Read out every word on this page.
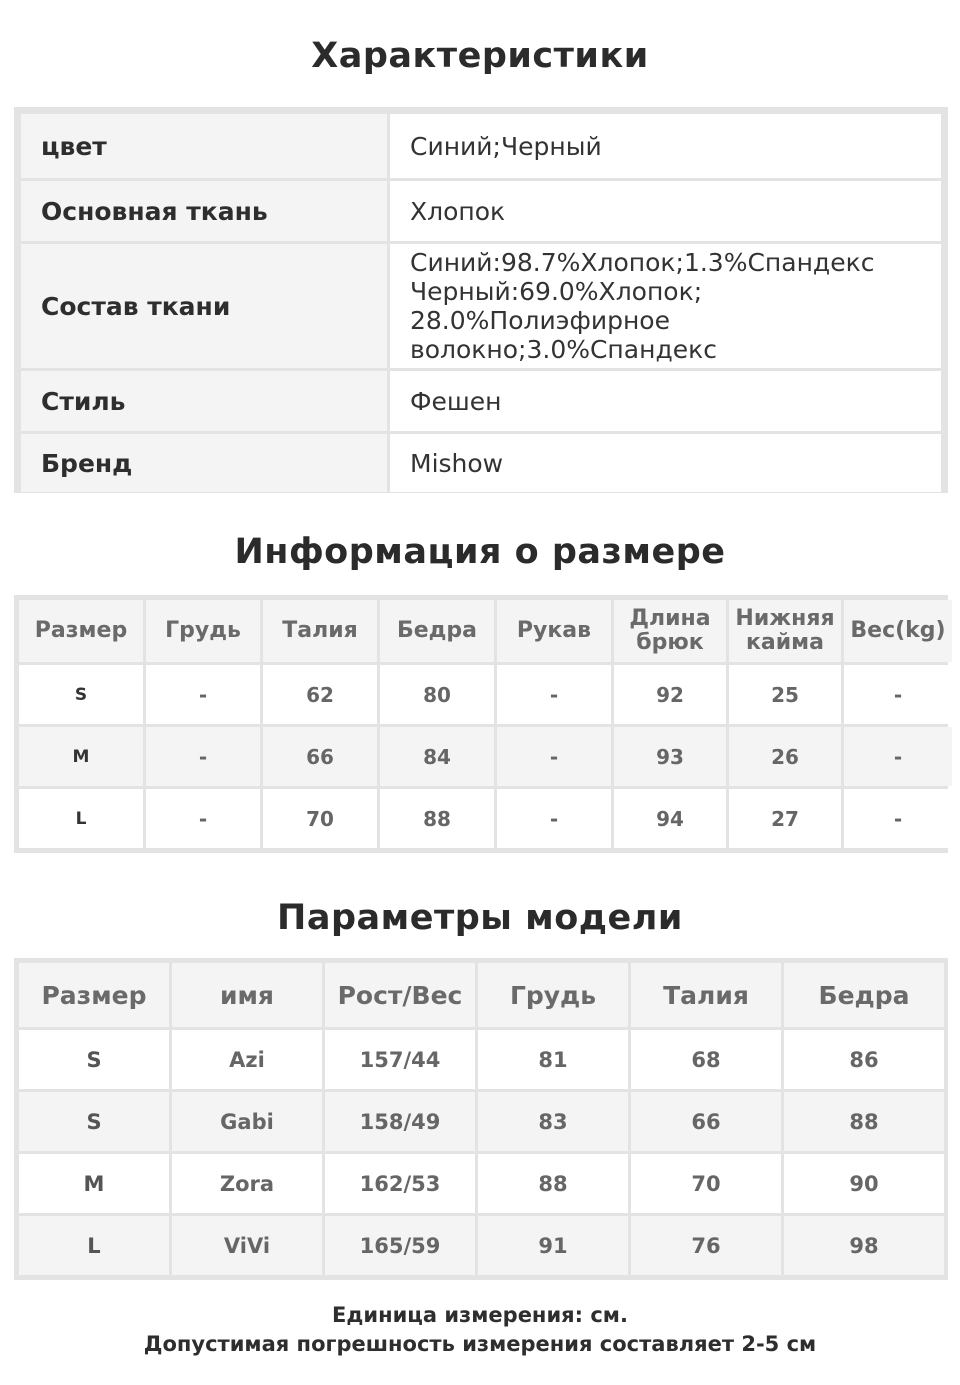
Характеристики
цвет	Синий;Черный

Основная ткань	Хлопок

Состав ткани	Синий:98.7%Хлопок;1.3%Спандекс
Черный:69.0%Хлопок;
28.0%Полиэфирное волокно;3.0%Спандекс

Стиль	Фешен

Бренд	Mishow
Информация о размере
Размер	Грудь	Талия	Бедра	Рукав	Длина брюк	Нижняя кайма	Вес(kg)
S	-	62	80	-	92	25	-
M	-	66	84	-	93	26	-
L	-	70	88	-	94	27	-
Параметры модели
Размер	имя	Рост/Вес	Грудь	Талия	Бедра
S	Azi	157/44	81	68	86
S	Gabi	158/49	83	66	88
M	Zora	162/53	88	70	90
L	ViVi	165/59	91	76	98
Единица измерения: см.
Допустимая погрешность измерения составляет 2-5 см
